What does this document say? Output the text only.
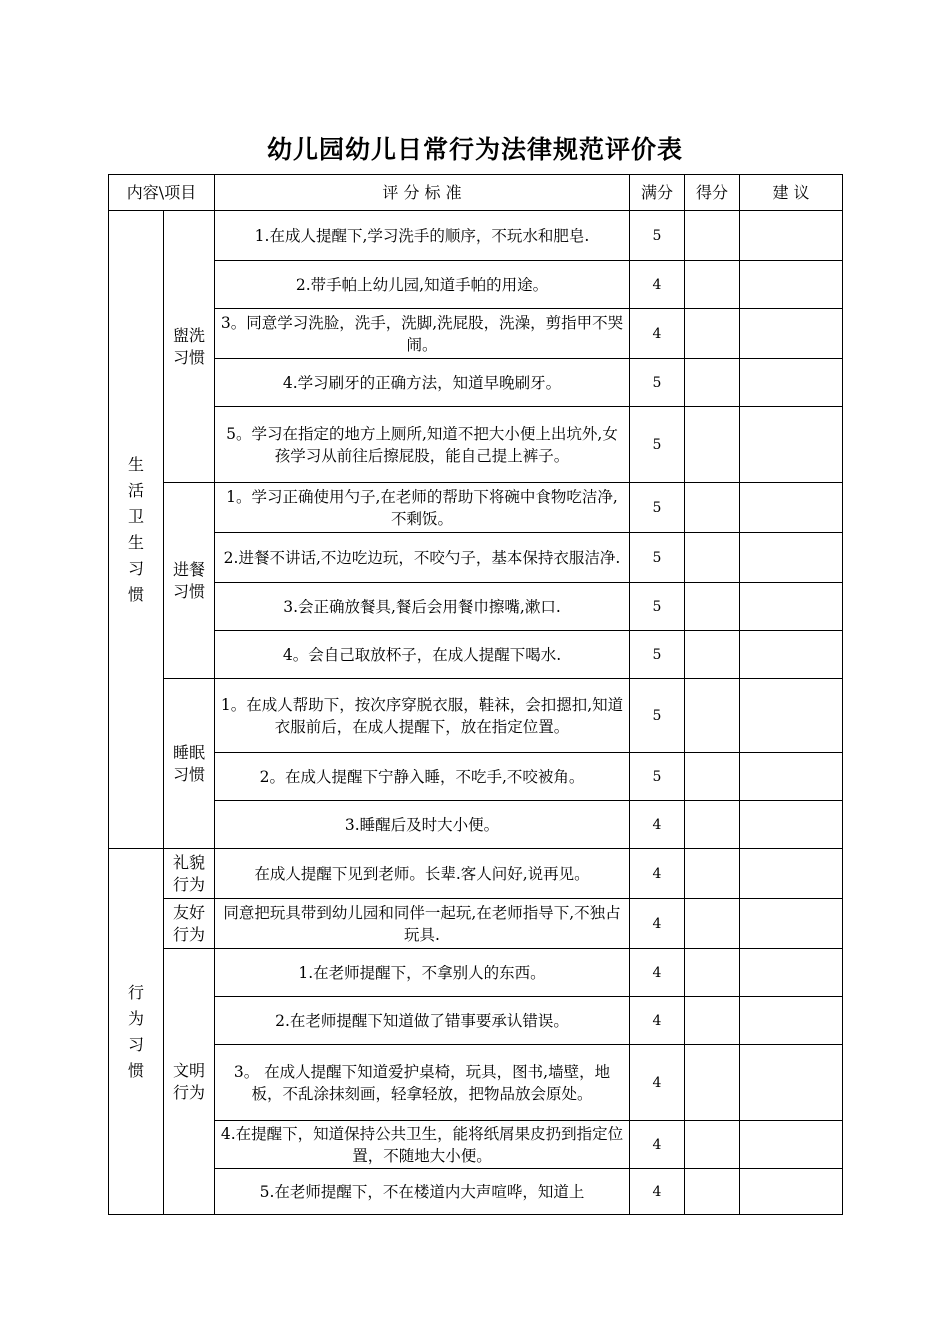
幼儿园幼儿日常行为法律规范评价表
内容\项目		评 分 标 准	满分	得分	建 议

生活卫生习惯	盥洗习惯	1.在成人提醒下,学习洗手的顺序，不玩水和肥皂.	5		
		2.带手帕上幼儿园,知道手帕的用途。	4		
		3。同意学习洗脸，洗手，洗脚,洗屁股，洗澡，剪指甲不哭闹。	4		
		4.学习刷牙的正确方法，知道早晚刷牙。	5		
		5。学习在指定的地方上厕所,知道不把大小便上出坑外,女孩学习从前往后擦屁股，能自己提上裤子。	5		

	进餐习惯	1。学习正确使用勺子,在老师的帮助下将碗中食物吃洁净,不剩饭。	5		
		2.进餐不讲话,不边吃边玩，不咬勺子，基本保持衣服洁净.	5		
		3.会正确放餐具,餐后会用餐巾擦嘴,漱口.	5		
		4。会自己取放杯子，在成人提醒下喝水.	5		

	睡眠习惯	1。在成人帮助下，按次序穿脱衣服，鞋袜，会扣摁扣,知道衣服前后，在成人提醒下，放在指定位置。	5		
		2。在成人提醒下宁静入睡，不吃手,不咬被角。	5		
		3.睡醒后及时大小便。	4		

行为习惯	礼貌行为	在成人提醒下见到老师。长辈.客人问好,说再见。	4		

	友好行为	同意把玩具带到幼儿园和同伴一起玩,在老师指导下,不独占玩具.	4		

	文明行为	1.在老师提醒下，不拿别人的东西。	4		
		2.在老师提醒下知道做了错事要承认错误。	4		
		3。 在成人提醒下知道爱护桌椅，玩具，图书,墙壁，地板，不乱涂抹刻画，轻拿轻放，把物品放会原处。	4		
		4.在提醒下，知道保持公共卫生，能将纸屑果皮扔到指定位置，不随地大小便。	4		
		5.在老师提醒下，不在楼道内大声喧哗，知道上	4		
